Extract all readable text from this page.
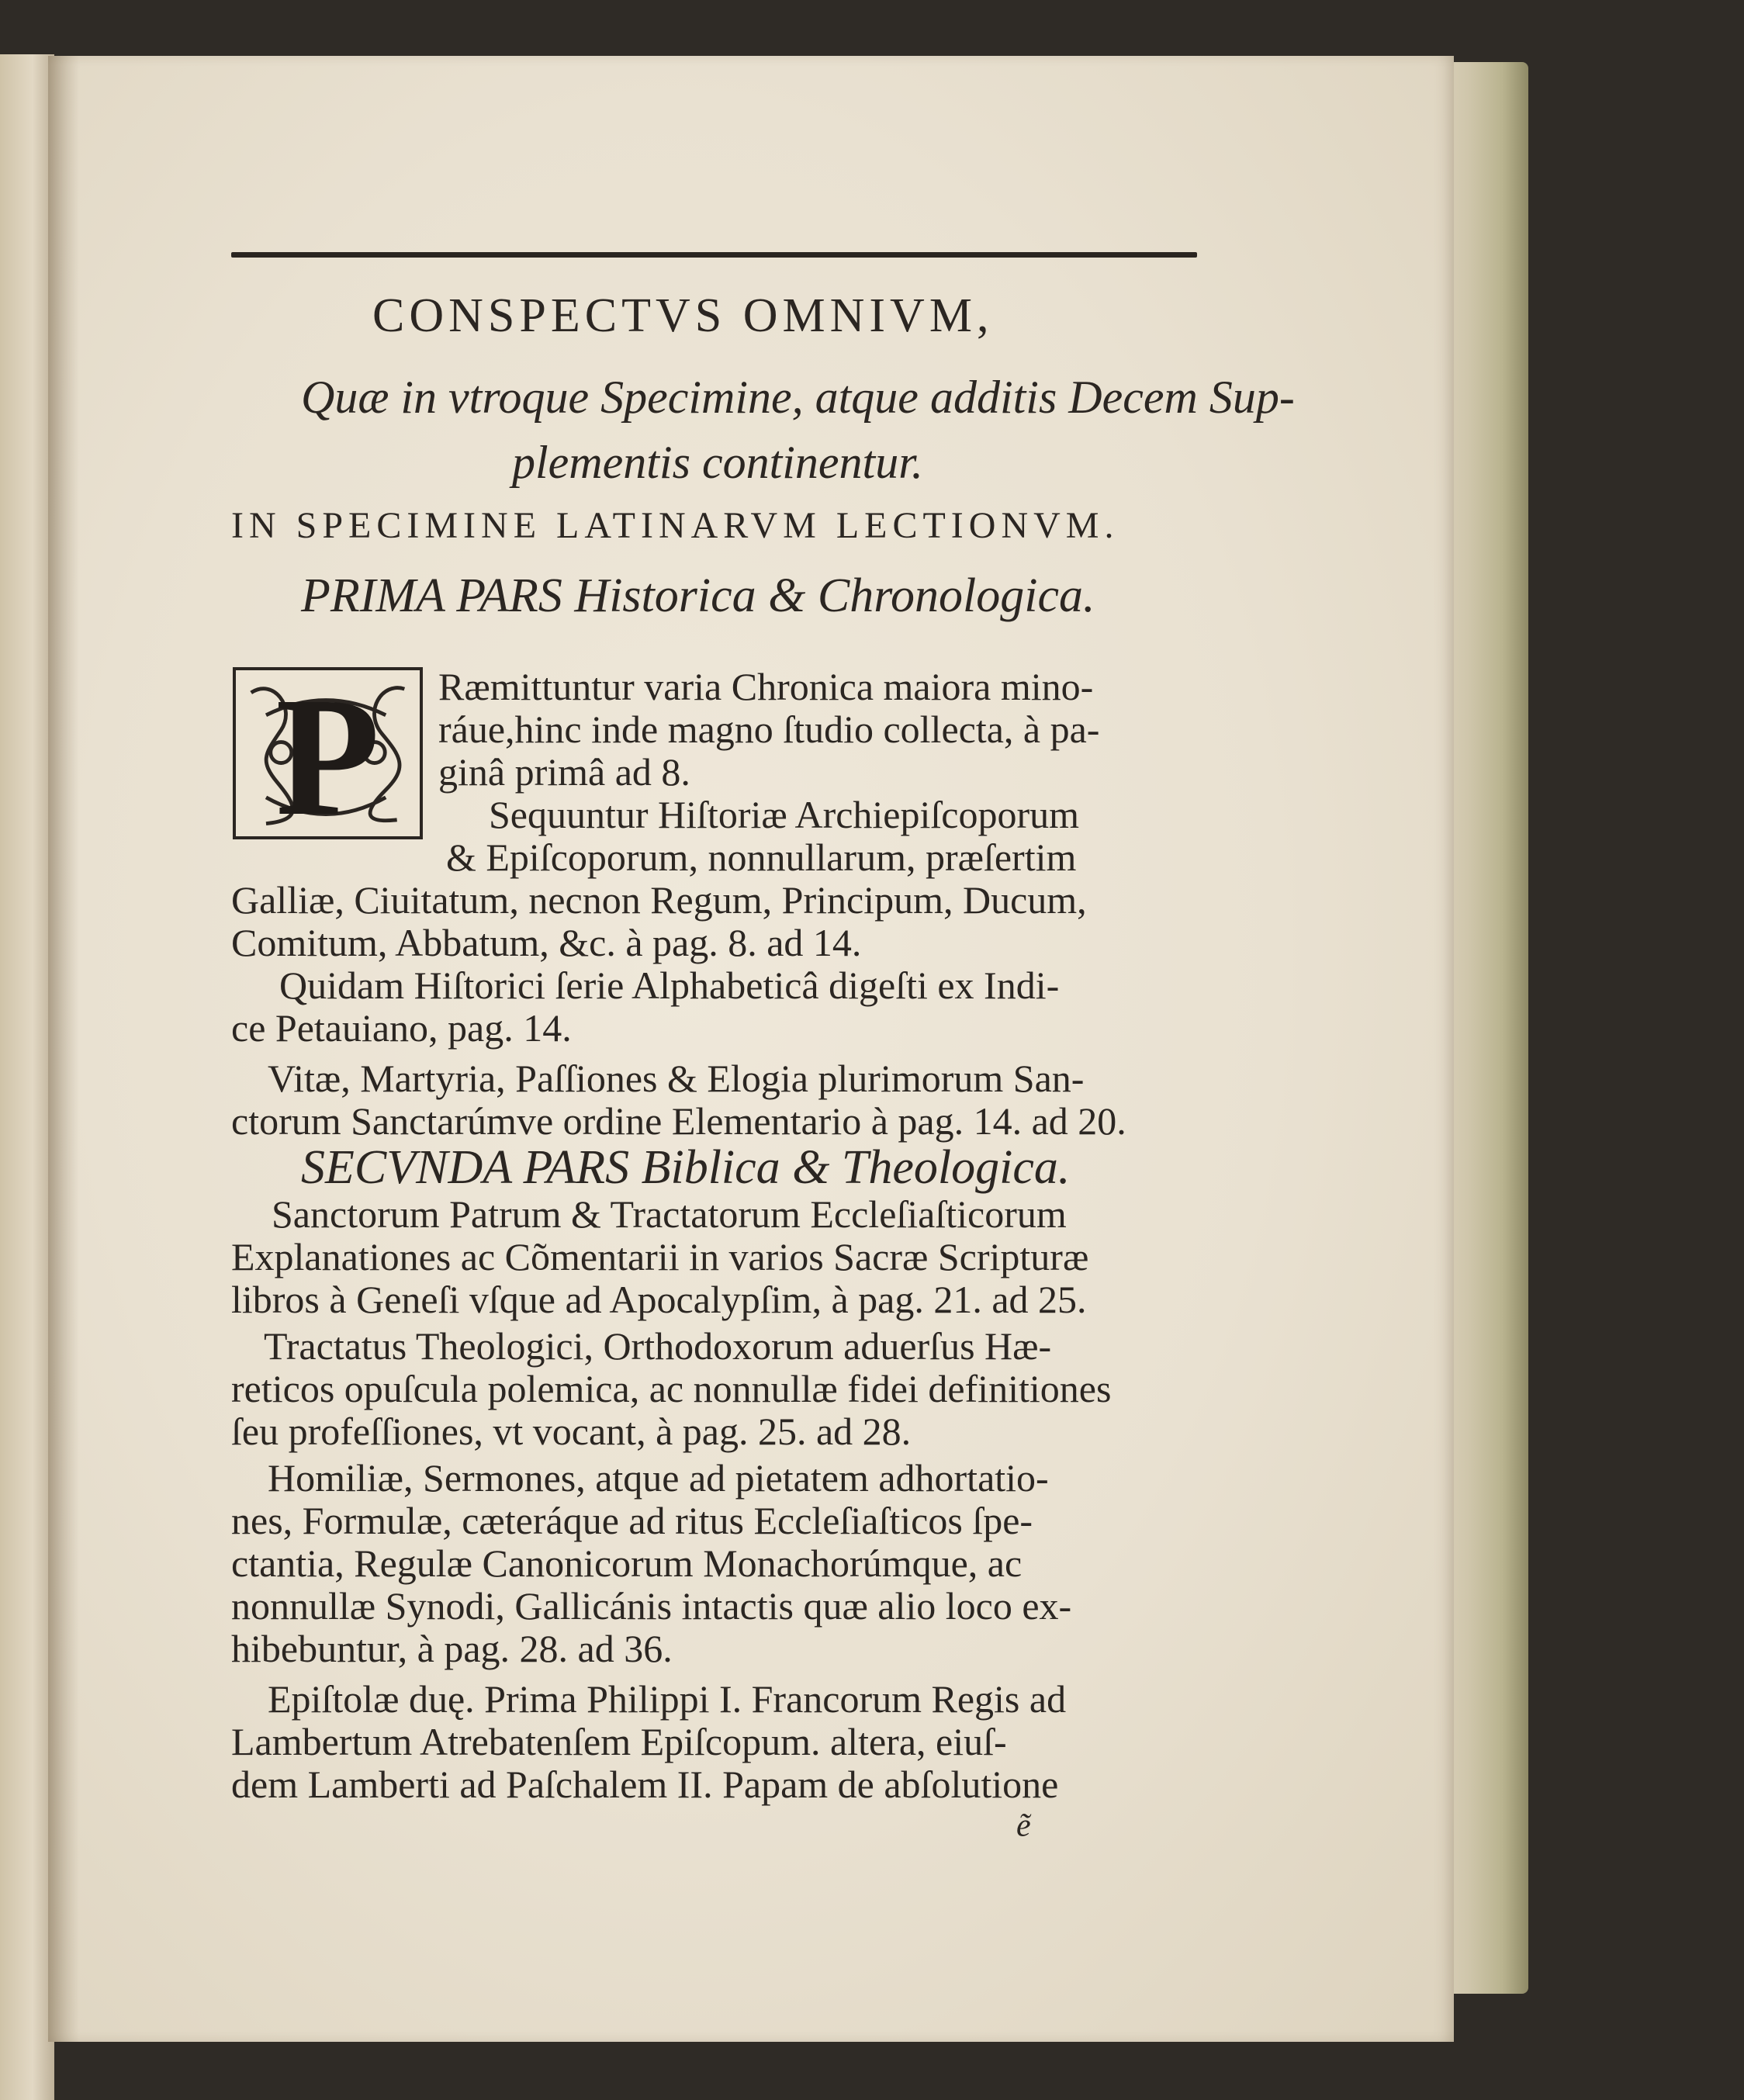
CONSPECTVS OMNIVM,
Quæ in vtroque Specimine, atque additis Decem Sup-
plementis continentur.
IN SPECIMINE LATINARVM LECTIONVM.
PRIMA PARS Historica & Chronologica.
P	Ræmittuntur varia Chronica maiora mino-
ráue,hinc inde magno ſtudio collecta, à pa-
ginâ primâ ad 8.
Sequuntur Hiſtoriæ Archiepiſcoporum
& Epiſcoporum, nonnullarum, præſertim
Galliæ, Ciuitatum, necnon Regum, Principum, Ducum,
Comitum, Abbatum, &c. à pag. 8. ad 14.
Quidam Hiſtorici ſerie Alphabeticâ digeſti ex Indi-
ce Petauiano, pag. 14.
Vitæ, Martyria, Paſſiones & Elogia plurimorum San-
ctorum Sanctarúmve ordine Elementario à pag. 14. ad 20.
SECVNDA PARS Biblica & Theologica.
Sanctorum Patrum & Tractatorum Eccleſiaſticorum
Explanationes ac Cõmentarii in varios Sacræ Scripturæ
libros à Geneſi vſque ad Apocalypſim, à pag. 21. ad 25.
Tractatus Theologici, Orthodoxorum aduerſus Hæ-
reticos opuſcula polemica, ac nonnullæ fidei definitiones
ſeu profeſſiones, vt vocant, à pag. 25. ad 28.
Homiliæ, Sermones, atque ad pietatem adhortatio-
nes, Formulæ, cæteráque ad ritus Eccleſiaſticos ſpe-
ctantia, Regulæ Canonicorum Monachorúmque, ac
nonnullæ Synodi, Gallicánis intactis quæ alio loco ex-
hibebuntur, à pag. 28. ad 36.
Epiſtolæ duę. Prima Philippi I. Francorum Regis ad
Lambertum Atrebatenſem Epiſcopum. altera, eiuſ-
dem Lamberti ad Paſchalem II. Papam de abſolutione
ẽ
